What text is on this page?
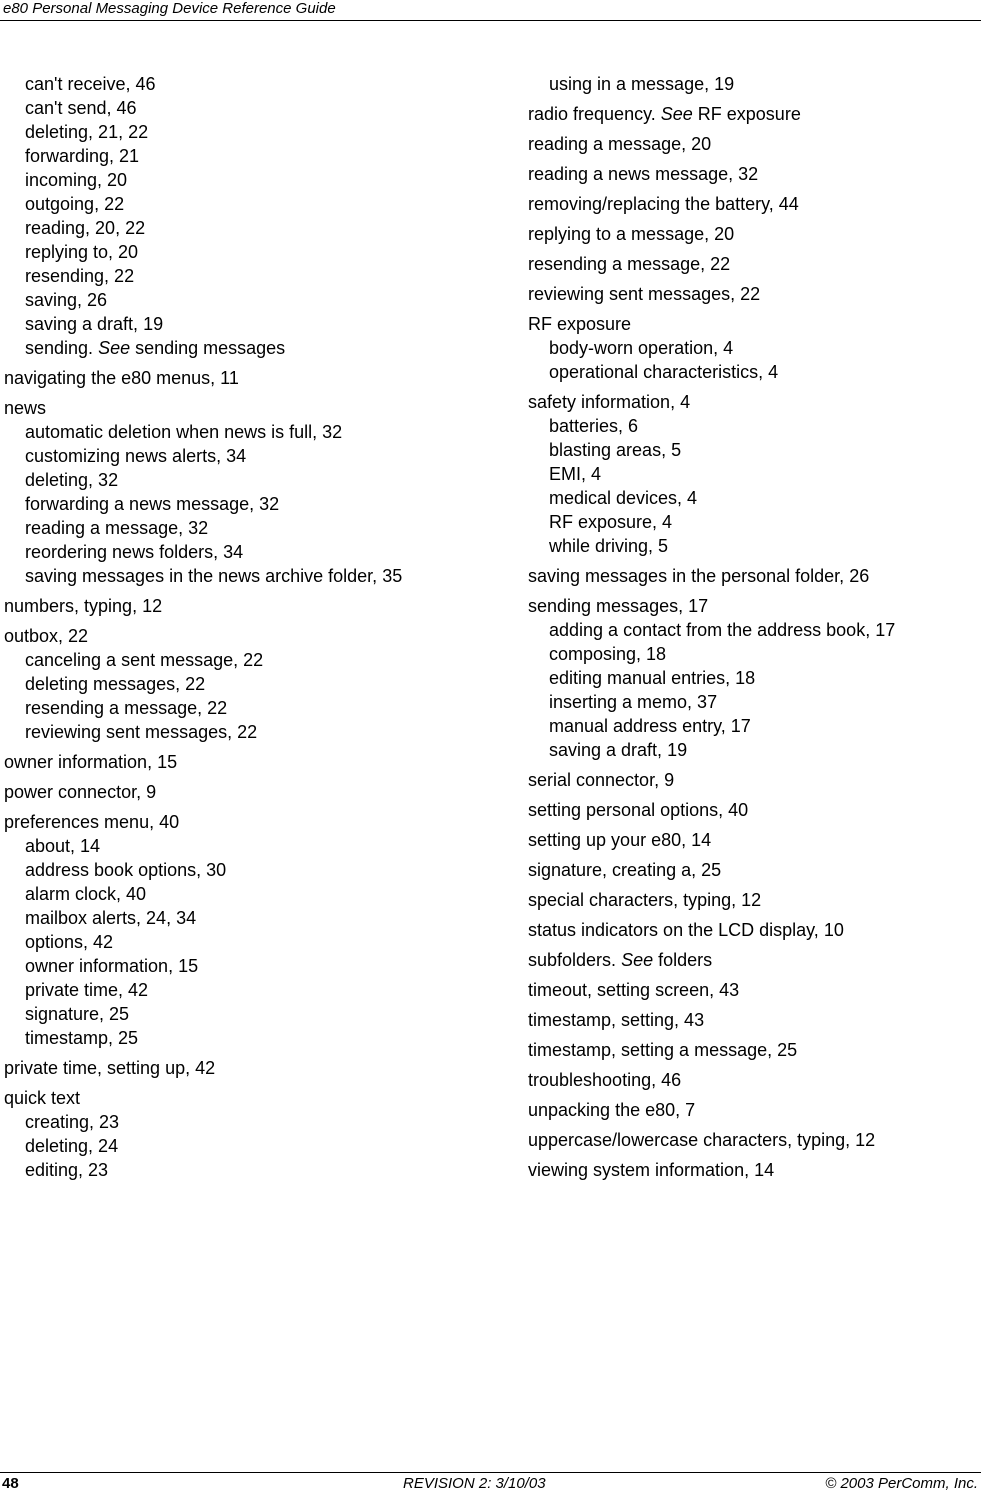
e80 Personal Messaging Device Reference Guide
can't receive, 46
can't send, 46
deleting, 21, 22
forwarding, 21
incoming, 20
outgoing, 22
reading, 20, 22
replying to, 20
resending, 22
saving, 26
saving a draft, 19
sending. See sending messages
navigating the e80 menus, 11
news
automatic deletion when news is full, 32
customizing news alerts, 34
deleting, 32
forwarding a news message, 32
reading a message, 32
reordering news folders, 34
saving messages in the news archive folder, 35
numbers, typing, 12
outbox, 22
canceling a sent message, 22
deleting messages, 22
resending a message, 22
reviewing sent messages, 22
owner information, 15
power connector, 9
preferences menu, 40
about, 14
address book options, 30
alarm clock, 40
mailbox alerts, 24, 34
options, 42
owner information, 15
private time, 42
signature, 25
timestamp, 25
private time, setting up, 42
quick text
creating, 23
deleting, 24
editing, 23
using in a message, 19
radio frequency. See RF exposure
reading a message, 20
reading a news message, 32
removing/replacing the battery, 44
replying to a message, 20
resending a message, 22
reviewing sent messages, 22
RF exposure
body-worn operation, 4
operational characteristics, 4
safety information, 4
batteries, 6
blasting areas, 5
EMI, 4
medical devices, 4
RF exposure, 4
while driving, 5
saving messages in the personal folder, 26
sending messages, 17
adding a contact from the address book, 17
composing, 18
editing manual entries, 18
inserting a memo, 37
manual address entry, 17
saving a draft, 19
serial connector, 9
setting personal options, 40
setting up your e80, 14
signature, creating a, 25
special characters, typing, 12
status indicators on the LCD display, 10
subfolders. See folders
timeout, setting screen, 43
timestamp, setting, 43
timestamp, setting a message, 25
troubleshooting, 46
unpacking the e80, 7
uppercase/lowercase characters, typing, 12
viewing system information, 14
48	REVISION 2: 3/10/03	© 2003 PerComm, Inc.
